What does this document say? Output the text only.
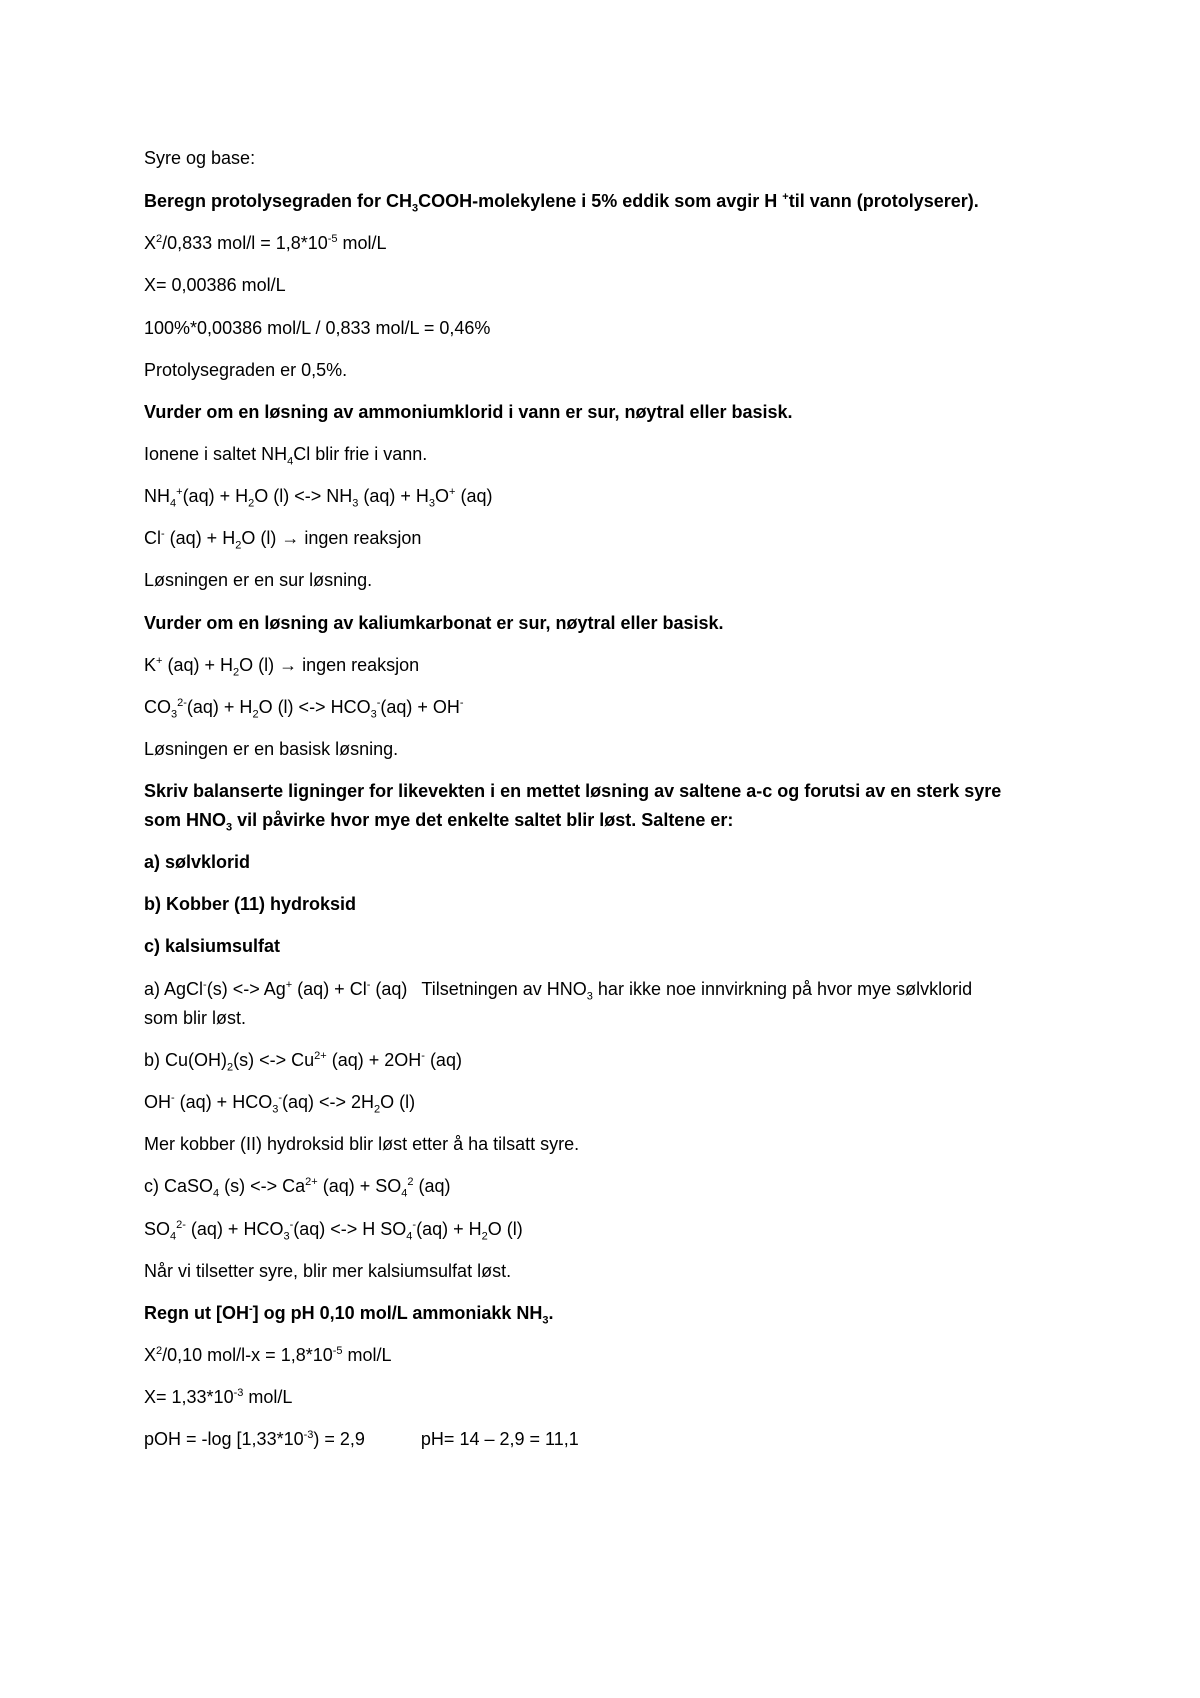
Syre og base:
Beregn protolysegraden for $CH_3COOH$-molekylene i 5% eddik som avgir H +til vann (protolyserer).
$X^2/0,833$ $mol/l = 1,8*10^{-5}$ mol/L
X= 0,00386 mol/L
100%*0,00386 mol/L / 0,833 mol/L = 0,46%
Protolysegraden er 0,5%.
Vurder om en løsning av ammoniumklorid i vann er sur, nøytral eller basisk.
Ionene i saltet $NH_4Cl$ blir frie i vann.
$NH_4^+(aq) + H_2O$ (l) <-> $NH_3$ $(aq) + H_3O^+$ (aq)
Cl- $(aq) + H_2O$ (l) → ingen reaksjon
Løsningen er en sur løsning.
Vurder om en løsning av kaliumkarbonat er sur, nøytral eller basisk.
K+ $(aq) + H_2O$ (l) → ingen reaksjon
$CO_3^{2-}(aq) + H_2O$ (l) <-> $HCO_3^-(aq) + OH^-$
Løsningen er en basisk løsning.
Skriv balanserte ligninger for likevekten i en mettet løsning av saltene a-c og forutsi av en sterk syre
som $HNO_3$ vil påvirke hvor mye det enkelte saltet blir løst. Saltene er:
a) sølvklorid
b) Kobber (11) hydroksid
c) kalsiumsulfat
a) AgCl-(s) <-> Ag+ (aq) + Cl- (aq) Tilsetningen av $HNO_3$ har ikke noe innvirkning på hvor mye sølvklorid
som blir løst.
b) $Cu(OH)_2(s)$ <-> $Cu^{2+}$ (aq) + 2OH- (aq)
OH- $(aq) + HCO_3^-(aq)$ <-> $2H_2O$ (l)
Mer kobber (II) hydroksid blir løst etter å ha tilsatt syre.
c) CaSO$_4$ (s) <-> $Ca^{2+}$ $(aq) + SO_4^2$ (aq)
$SO_4^{2-}$ $(aq) + HCO_3^-(aq)$ <-> H $SO_4^-(aq) + H_2O$ (l)
Når vi tilsetter syre, blir mer kalsiumsulfat løst.
Regn ut [OH-] og pH 0,10 mol/L ammoniakk $NH_3$.
$X^2/0,10$ $mol/l-x = 1,8*10^{-5}$ mol/L
$X= 1,33*10^{-3}$ mol/L
pOH = -log $[1,33*10^{-3}) = 2,9$	pH= 14 – 2,9 = 11,1
